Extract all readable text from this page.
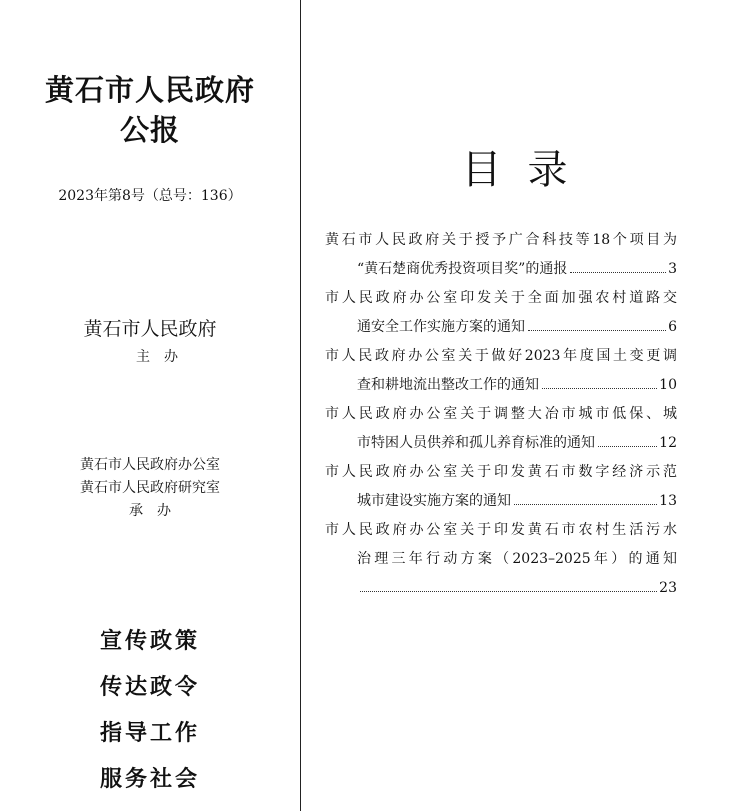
黄石市人民政府
公报
2023年第8号（总号：136）
黄石市人民政府
主办
黄石市人民政府办公室
黄石市人民政府研究室
承办
宣传政策
传达政令
指导工作
服务社会
目录
黄石市人民政府关于授予广合科技等18个项目为
“黄石楚商优秀投资项目奖”的通报	3
市人民政府办公室印发关于全面加强农村道路交
通安全工作实施方案的通知	6
市人民政府办公室关于做好2023年度国土变更调
查和耕地流出整改工作的通知	10
市人民政府办公室关于调整大冶市城市低保、城
市特困人员供养和孤儿养育标准的通知	12
市人民政府办公室关于印发黄石市数字经济示范
城市建设实施方案的通知	13
市人民政府办公室关于印发黄石市农村生活污水
治理三年行动方案（2023–2025年）的通知
23
